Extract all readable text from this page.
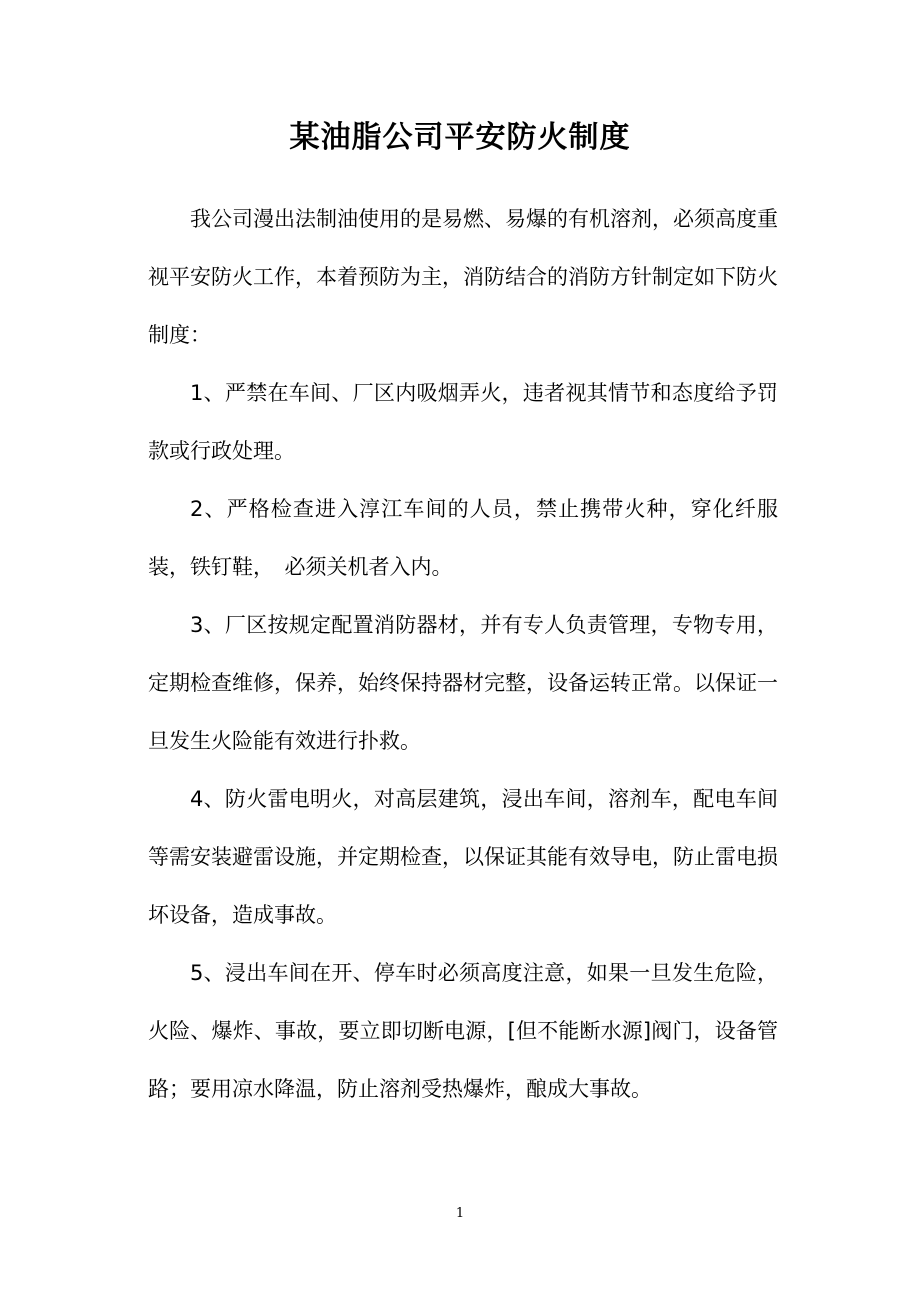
某油脂公司平安防火制度

我公司漫出法制油使用的是易燃、易爆的有机溶剂，必须高度重视平安防火工作，本着预防为主，消防结合的消防方针制定如下防火制度：

1、严禁在车间、厂区内吸烟弄火，违者视其情节和态度给予罚款或行政处理。

2、严格检查进入淳江车间的人员，禁止携带火种，穿化纤服装，铁钉鞋，　必须关机者入内。

3、厂区按规定配置消防器材，并有专人负责管理，专物专用，定期检查维修，保养，始终保持器材完整，设备运转正常。以保证一旦发生火险能有效进行扑救。

4、防火雷电明火，对高层建筑，浸出车间，溶剂车，配电车间等需安装避雷设施，并定期检查，以保证其能有效导电，防止雷电损坏设备，造成事故。

5、浸出车间在开、停车时必须高度注意，如果一旦发生危险，火险、爆炸、事故，要立即切断电源，[但不能断水源]阀门，设备管路；要用凉水降温，防止溶剂受热爆炸，酿成大事故。

1
